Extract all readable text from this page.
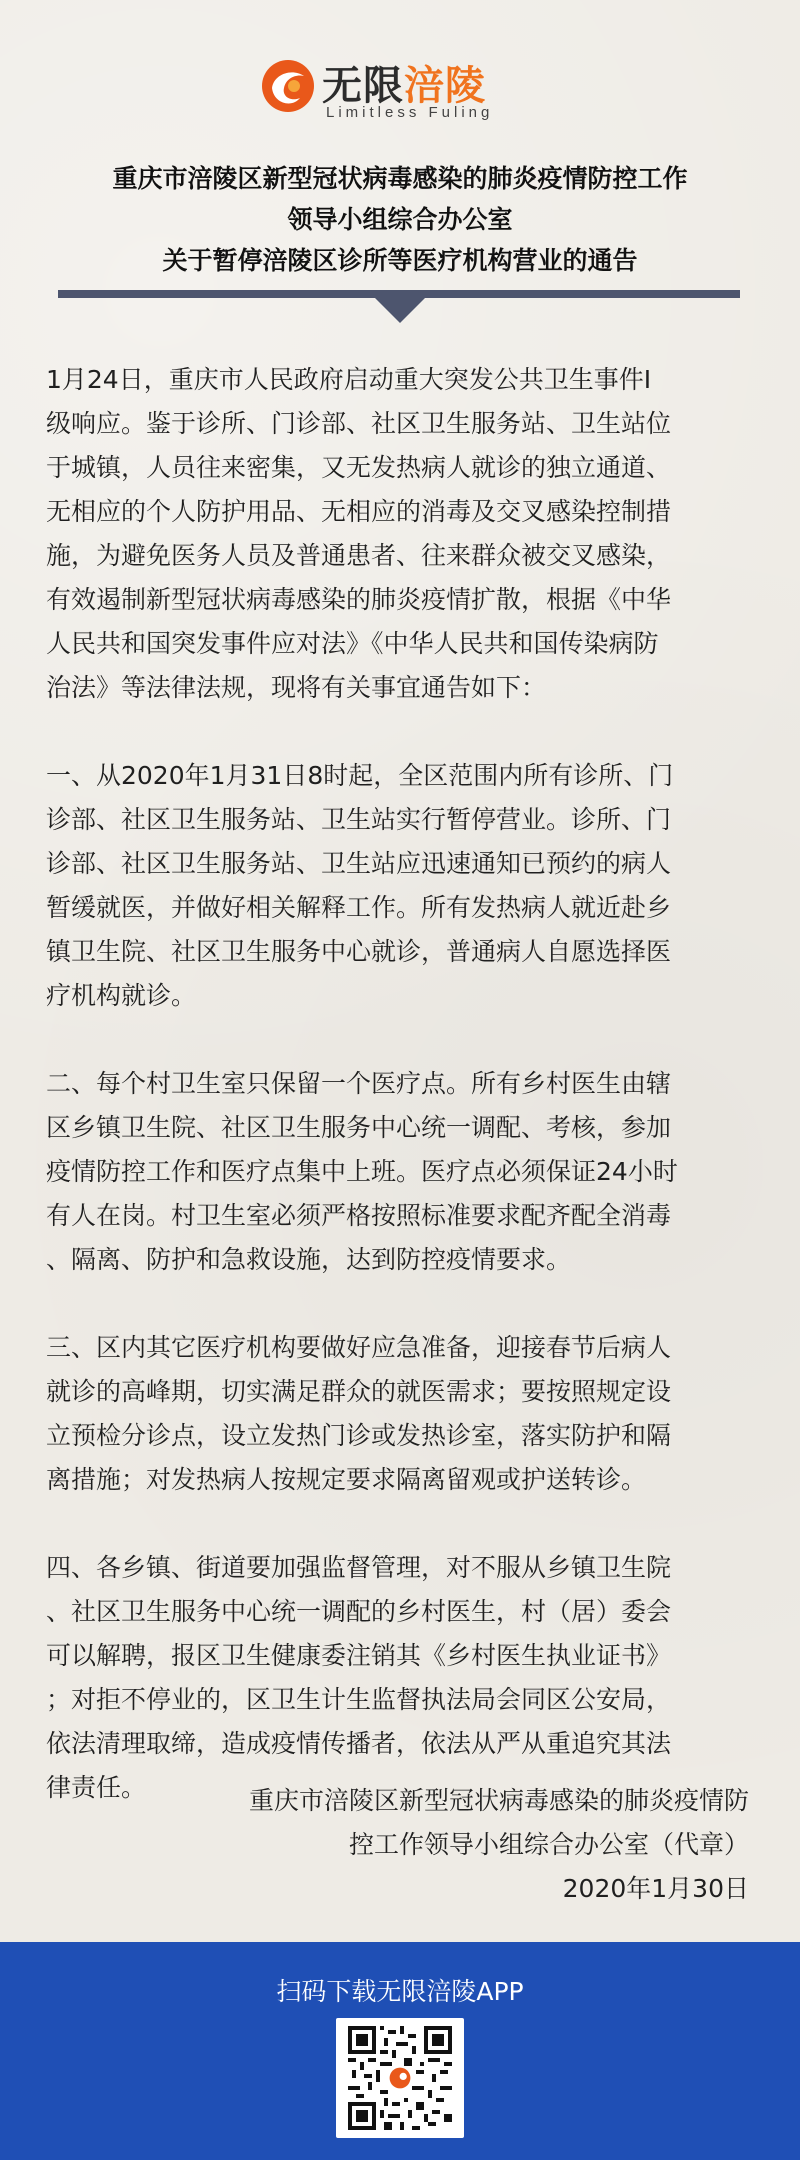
无限涪陵
Limitless Fuling
重庆市涪陵区新型冠状病毒感染的肺炎疫情防控工作
领导小组综合办公室
关于暂停涪陵区诊所等医疗机构营业的通告
1月24日，重庆市人民政府启动重大突发公共卫生事件Ⅰ
级响应。鉴于诊所、门诊部、社区卫生服务站、卫生站位
于城镇，人员往来密集，又无发热病人就诊的独立通道、
无相应的个人防护用品、无相应的消毒及交叉感染控制措
施，为避免医务人员及普通患者、往来群众被交叉感染，
有效遏制新型冠状病毒感染的肺炎疫情扩散，根据《中华
人民共和国突发事件应对法》《中华人民共和国传染病防
治法》等法律法规，现将有关事宜通告如下：
一、从2020年1月31日8时起，全区范围内所有诊所、门
诊部、社区卫生服务站、卫生站实行暂停营业。诊所、门
诊部、社区卫生服务站、卫生站应迅速通知已预约的病人
暂缓就医，并做好相关解释工作。所有发热病人就近赴乡
镇卫生院、社区卫生服务中心就诊，普通病人自愿选择医
疗机构就诊。
二、每个村卫生室只保留一个医疗点。所有乡村医生由辖
区乡镇卫生院、社区卫生服务中心统一调配、考核，参加
疫情防控工作和医疗点集中上班。医疗点必须保证24小时
有人在岗。村卫生室必须严格按照标准要求配齐配全消毒
、隔离、防护和急救设施，达到防控疫情要求。
三、区内其它医疗机构要做好应急准备，迎接春节后病人
就诊的高峰期，切实满足群众的就医需求；要按照规定设
立预检分诊点，设立发热门诊或发热诊室，落实防护和隔
离措施；对发热病人按规定要求隔离留观或护送转诊。
四、各乡镇、街道要加强监督管理，对不服从乡镇卫生院
、社区卫生服务中心统一调配的乡村医生，村（居）委会
可以解聘，报区卫生健康委注销其《乡村医生执业证书》
；对拒不停业的，区卫生计生监督执法局会同区公安局，
依法清理取缔，造成疫情传播者，依法从严从重追究其法
律责任。	重庆市涪陵区新型冠状病毒感染的肺炎疫情防
控工作领导小组综合办公室（代章）
2020年1月30日
扫码下载无限涪陵APP
